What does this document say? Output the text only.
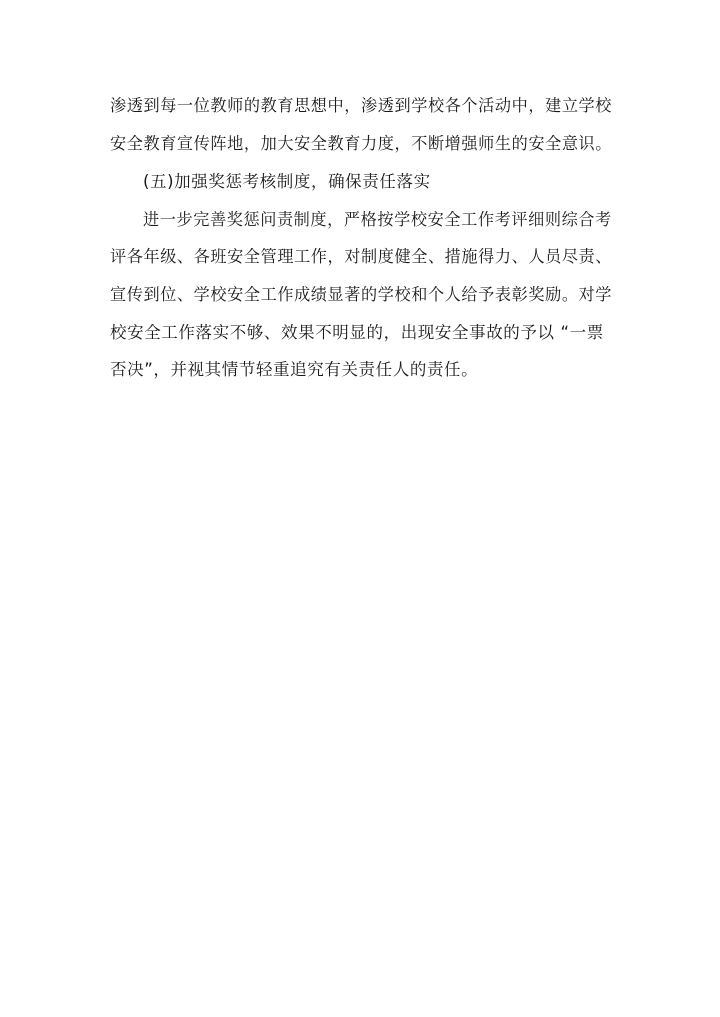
渗透到每一位教师的教育思想中，渗透到学校各个活动中，建立学校
安全教育宣传阵地，加大安全教育力度，不断增强师生的安全意识。
(五)加强奖惩考核制度，确保责任落实
进一步完善奖惩问责制度，严格按学校安全工作考评细则综合考
评各年级、各班安全管理工作，对制度健全、措施得力、人员尽责、
宣传到位、学校安全工作成绩显著的学校和个人给予表彰奖励。对学
校安全工作落实不够、效果不明显的，出现安全事故的予以 “一票
否决”，并视其情节轻重追究有关责任人的责任。
